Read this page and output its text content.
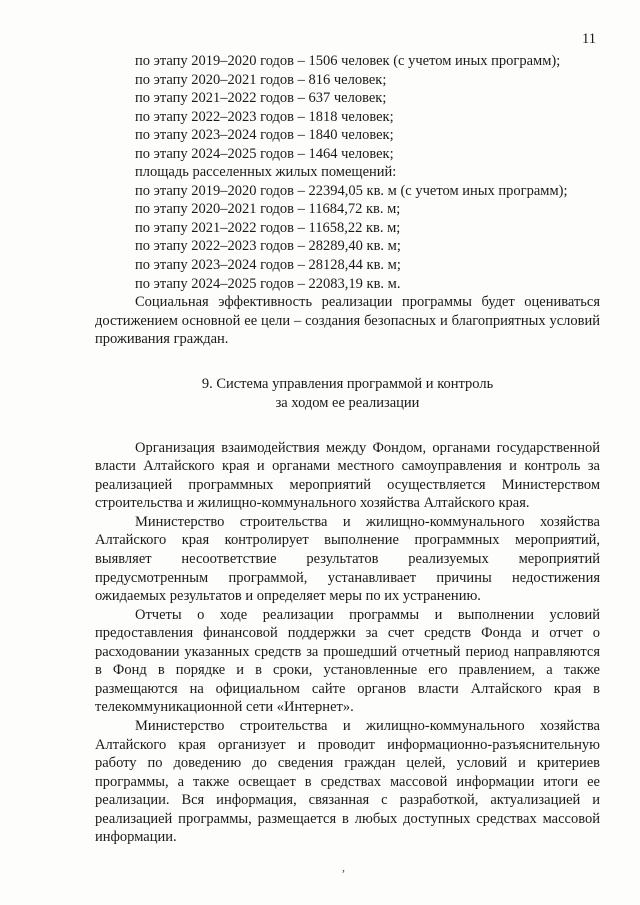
11

по этапу 2019–2020 годов – 1506 человек (с учетом иных программ);

по этапу 2020–2021 годов – 816 человек;

по этапу 2021–2022 годов – 637 человек;

по этапу 2022–2023 годов – 1818 человек;

по этапу 2023–2024 годов – 1840 человек;

по этапу 2024–2025 годов – 1464 человек;

площадь расселенных жилых помещений:

по этапу 2019–2020 годов – 22394,05 кв. м (с учетом иных программ);

по этапу 2020–2021 годов – 11684,72 кв. м;

по этапу 2021–2022 годов – 11658,22 кв. м;

по этапу 2022–2023 годов – 28289,40 кв. м;

по этапу 2023–2024 годов – 28128,44 кв. м;

по этапу 2024–2025 годов – 22083,19 кв. м.

Социальная эффективность реализации программы будет оцениваться достижением основной ее цели – создания безопасных и благоприятных условий проживания граждан.

9. Система управления программой и контроль

за ходом ее реализации

Организация взаимодействия между Фондом, органами государственной власти Алтайского края и органами местного самоуправления и контроль за реализацией программных мероприятий осуществляется Министерством строительства и жилищно-коммунального хозяйства Алтайского края.

Министерство строительства и жилищно-коммунального хозяйства Алтайского края контролирует выполнение программных мероприятий, выявляет несоответствие результатов реализуемых мероприятий предусмотренным программой, устанавливает причины недостижения ожидаемых результатов и определяет меры по их устранению.

Отчеты о ходе реализации программы и выполнении условий предоставления финансовой поддержки за счет средств Фонда и отчет о расходовании указанных средств за прошедший отчетный период направляются в Фонд в порядке и в сроки, установленные его правлением, а также размещаются на официальном сайте органов власти Алтайского края в телекоммуникационной сети «Интернет».

Министерство строительства и жилищно-коммунального хозяйства Алтайского края организует и проводит информационно-разъяснительную работу по доведению до сведения граждан целей, условий и критериев программы, а также освещает в средствах массовой информации итоги ее реализации. Вся информация, связанная с разработкой, актуализацией и реализацией программы, размещается в любых доступных средствах массовой информации.

,
